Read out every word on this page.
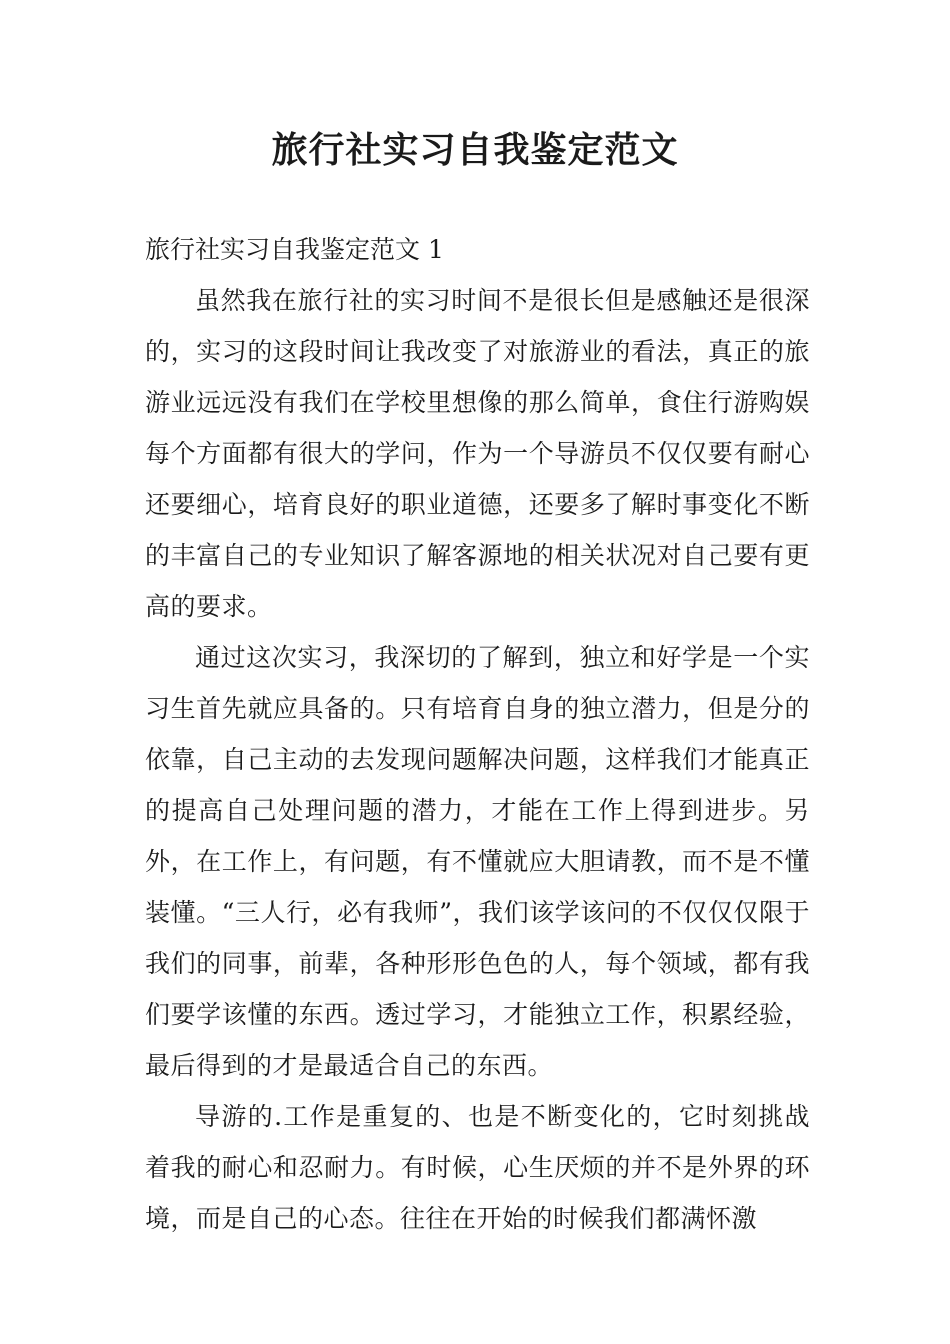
旅行社实习自我鉴定范文
旅行社实习自我鉴定范文 1

虽然我在旅行社的实习时间不是很长但是感触还是很深的，实习的这段时间让我改变了对旅游业的看法，真正的旅游业远远没有我们在学校里想像的那么简单，食住行游购娱每个方面都有很大的学问，作为一个导游员不仅仅要有耐心还要细心，培育良好的职业道德，还要多了解时事变化不断的丰富自己的专业知识了解客源地的相关状况对自己要有更高的要求。

通过这次实习，我深切的了解到，独立和好学是一个实习生首先就应具备的。只有培育自身的独立潜力，但是分的依靠，自己主动的去发现问题解决问题，这样我们才能真正的提高自己处理问题的潜力，才能在工作上得到进步。另外，在工作上，有问题，有不懂就应大胆请教，而不是不懂装懂。“三人行，必有我师”，我们该学该问的不仅仅仅限于我们的同事，前辈，各种形形色色的人，每个领域，都有我们要学该懂的东西。透过学习，才能独立工作，积累经验，最后得到的才是最适合自己的东西。

导游的.工作是重复的、也是不断变化的，它时刻挑战着我的耐心和忍耐力。有时候，心生厌烦的并不是外界的环境，而是自己的心态。往往在开始的时候我们都满怀激
